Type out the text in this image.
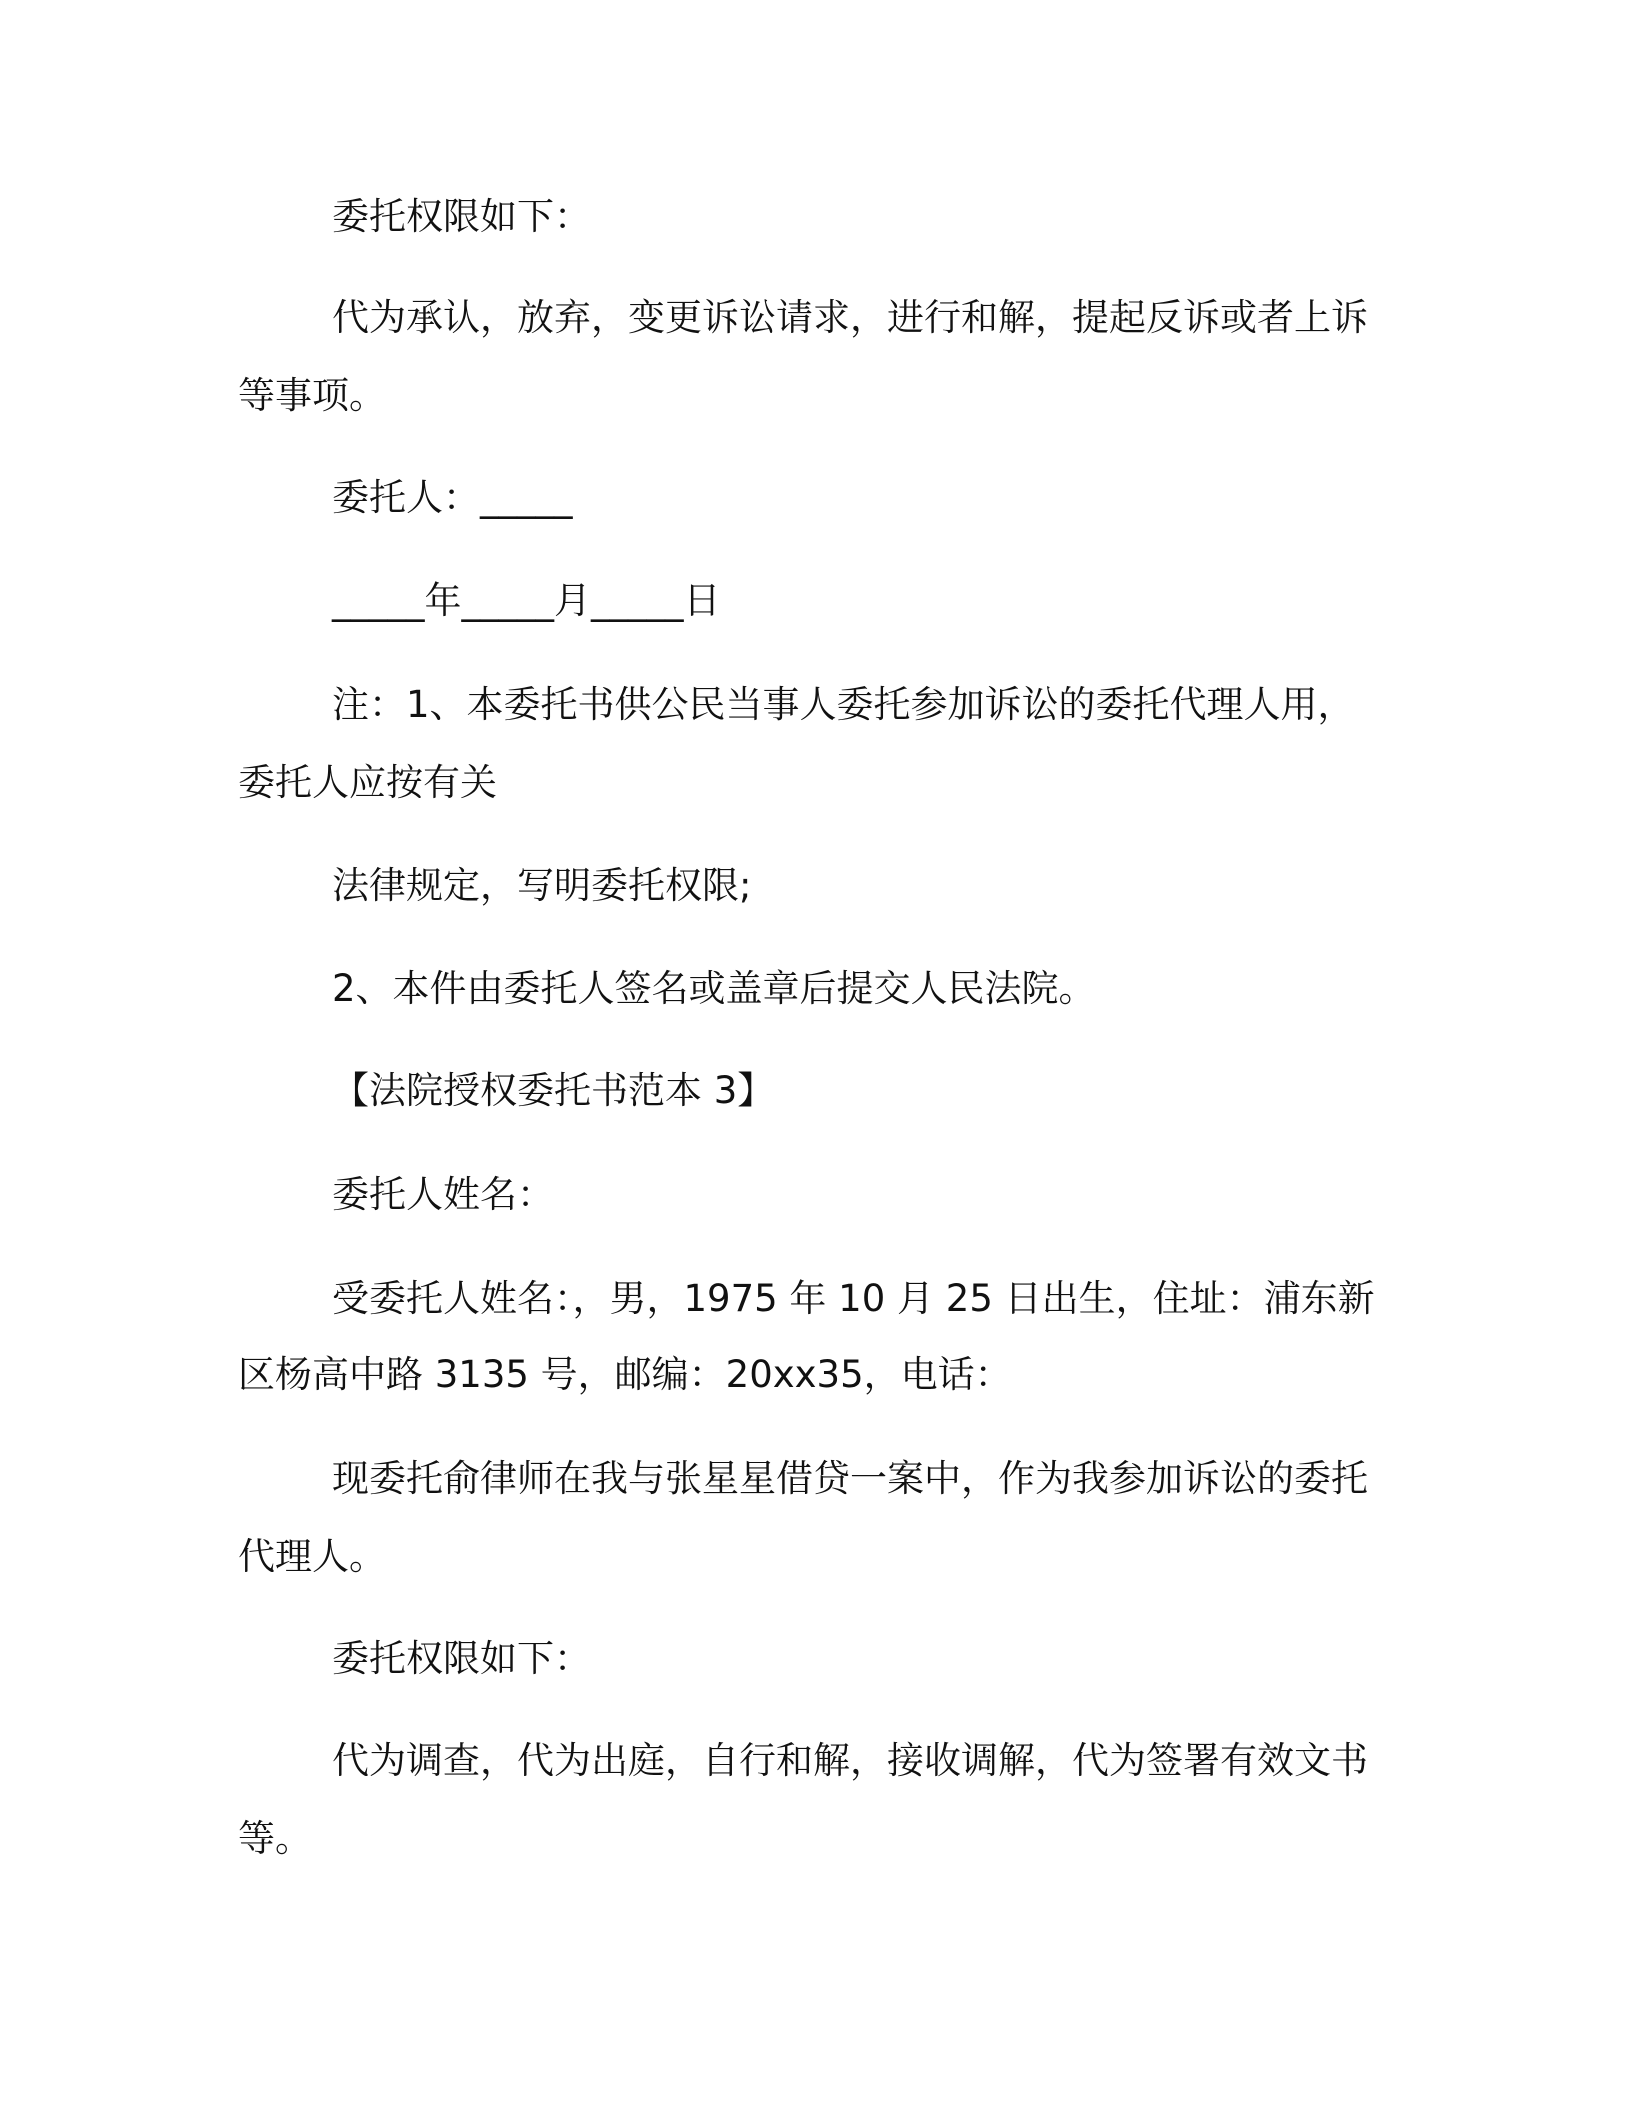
委托权限如下：

代为承认，放弃，变更诉讼请求，进行和解，提起反诉或者上诉

等事项。

委托人：_____

_____年_____月_____日

注：1、本委托书供公民当事人委托参加诉讼的委托代理人用，

委托人应按有关

法律规定，写明委托权限;

2、本件由委托人签名或盖章后提交人民法院。

【法院授权委托书范本 3】

委托人姓名：

受委托人姓名：，男，1975 年 10 月 25 日出生，住址：浦东新

区杨高中路 3135 号，邮编：20xx35，电话：

现委托俞律师在我与张星星借贷一案中，作为我参加诉讼的委托

代理人。

委托权限如下：

代为调查，代为出庭，自行和解，接收调解，代为签署有效文书

等。
